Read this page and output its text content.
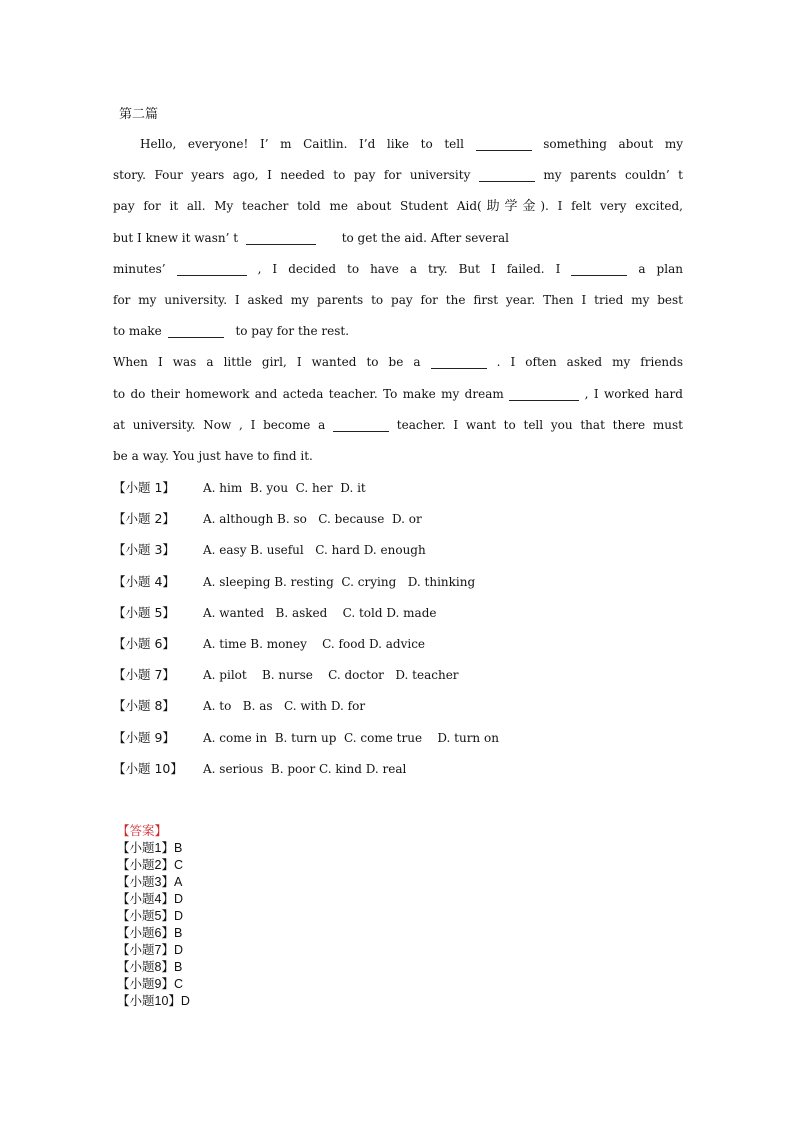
第二篇
Hello, everyone! I’ m Caitlin. I’d like to tell	something about my
story. Four years ago, I needed to pay for university	my parents couldn’ t
pay for it all. My teacher told me about Student Aid(助学金). I felt very excited,
but I knew it wasn’ t	to get the aid. After several
minutes’	, I decided to have a try. But I failed. I	a plan
for my university. I asked my parents to pay for the first year. Then I tried my best
to make	to pay for the rest.
When I was a little girl, I wanted to be a	. I often asked my friends
to do their homework and acteda teacher. To make my dream	, I worked hard
at university. Now , I become a	teacher. I want to tell you that there must
be a way. You just have to find it.
【小题 1】 A. him  B. you  C. her  D. it
【小题 2】 A. although B. so   C. because  D. or
【小题 3】 A. easy B. useful   C. hard D. enough
【小题 4】 A. sleeping B. resting  C. crying   D. thinking
【小题 5】 A. wanted   B. asked    C. told D. made
【小题 6】 A. time B. money    C. food D. advice
【小题 7】 A. pilot    B. nurse    C. doctor   D. teacher
【小题 8】 A. to   B. as   C. with D. for
【小题 9】 A. come in  B. turn up  C. come true    D. turn on
【小题 10】 A. serious  B. poor C. kind D. real
【答案】
【小题1】B
【小题2】C
【小题3】A
【小题4】D
【小题5】D
【小题6】B
【小题7】D
【小题8】B
【小题9】C
【小题10】D
